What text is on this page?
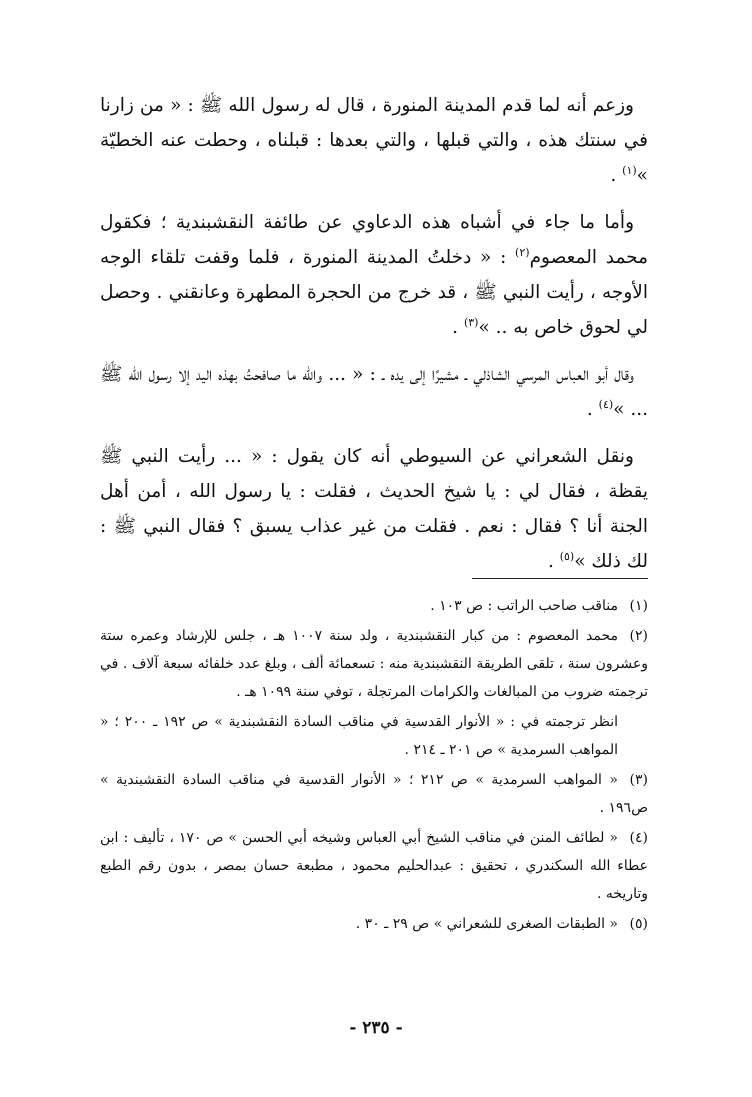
وزعم أنه لما قدم المدينة المنورة ، قال له رسول الله ﷺ : « من زارنا في سنتك هذه ، والتي قبلها ، والتي بعدها : قبلناه ، وحطت عنه الخطيّة »$^{(١)}$ .

وأما ما جاء في أشباه هذه الدعاوي عن طائفة النقشبندية ؛ فكقول محمد المعصوم$^{(٢)}$ : « دخلتُ المدينة المنورة ، فلما وقفت تلقاء الوجه الأوجه ، رأيت النبي ﷺ ، قد خرج من الحجرة المطهرة وعانقني . وحصل لي لحوق خاص به .. »$^{(٣)}$ .

وقال أبو العباس المرسي الشاذلي ـ مشيرًا إلى يده ـ : « ... والله ما صافحتُ بهذه اليد إلا رسول الله ﷺ ... »$^{(٤)}$ .

ونقل الشعراني عن السيوطي أنه كان يقول : « ... رأيت النبي ﷺ يقظة ، فقال لي : يا شيخ الحديث ، فقلت : يا رسول الله ، أمن أهل الجنة أنا ؟ فقال : نعم . فقلت من غير عذاب يسبق ؟ فقال النبي ﷺ : لك ذلك »$^{(٥)}$ .

(١)مناقب صاحب الراتب : ص ١٠٣ .

(٢)محمد المعصوم : من كبار النقشبندية ، ولد سنة ١٠٠٧ هـ ، جلس للإرشاد وعمره ستة وعشرون سنة ، تلقى الطريقة النقشبندية منه : تسعمائة ألف ، وبلغ عدد خلفائه سبعة آلاف . في ترجمته ضروب من المبالغات والكرامات المرتجلة ، توفي سنة ١٠٩٩ هـ .

انظر ترجمته في : « الأنوار القدسية في مناقب السادة النقشبندية » ص ١٩٢ ـ ٢٠٠ ؛ « المواهب السرمدية » ص ٢٠١ ـ ٢١٤ .

(٣)« المواهب السرمدية » ص ٢١٢ ؛ « الأنوار القدسية في مناقب السادة النقشبندية » ص١٩٦ .

(٤)« لطائف المنن في مناقب الشيخ أبي العباس وشيخه أبي الحسن » ص ١٧٠ ، تأليف : ابن عطاء الله السكندري ، تحقيق : عبدالحليم محمود ، مطبعة حسان بمصر ، بدون رقم الطبع وتاريخه .

(٥)« الطبقات الصغرى للشعراني » ص ٢٩ ـ ٣٠ .

- ٢٣٥ -
